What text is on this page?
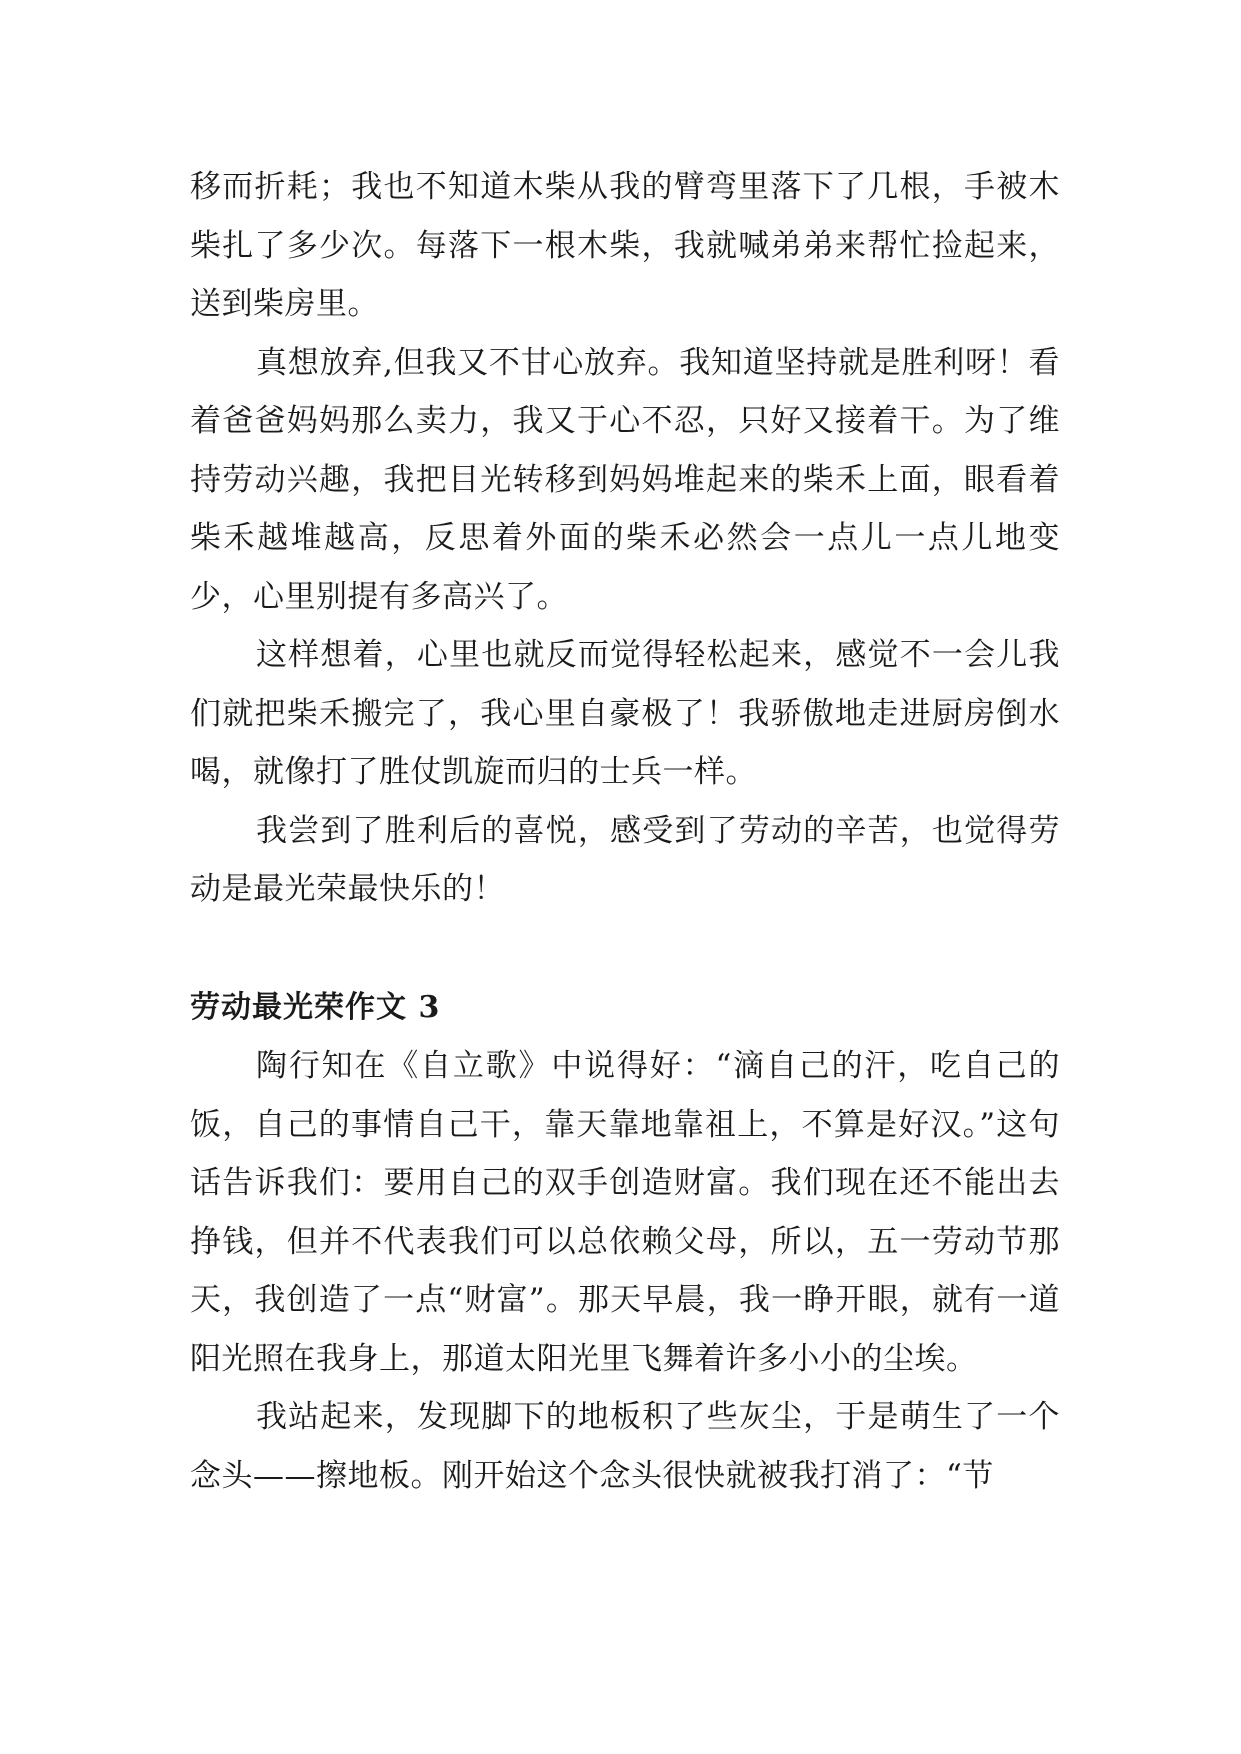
移而折耗；我也不知道木柴从我的臂弯里落下了几根，手被木柴扎了多少次。每落下一根木柴，我就喊弟弟来帮忙捡起来，送到柴房里。

真想放弃,但我又不甘心放弃。我知道坚持就是胜利呀！看着爸爸妈妈那么卖力，我又于心不忍，只好又接着干。为了维持劳动兴趣，我把目光转移到妈妈堆起来的柴禾上面，眼看着柴禾越堆越高，反思着外面的柴禾必然会一点儿一点儿地变少，心里别提有多高兴了。

这样想着，心里也就反而觉得轻松起来，感觉不一会儿我们就把柴禾搬完了，我心里自豪极了！我骄傲地走进厨房倒水喝，就像打了胜仗凯旋而归的士兵一样。

我尝到了胜利后的喜悦，感受到了劳动的辛苦，也觉得劳动是最光荣最快乐的！

劳动最光荣作文 3

陶行知在《自立歌》中说得好：“滴自己的汗，吃自己的饭，自己的事情自己干，靠天靠地靠祖上，不算是好汉。”这句话告诉我们：要用自己的双手创造财富。我们现在还不能出去挣钱，但并不代表我们可以总依赖父母，所以，五一劳动节那天，我创造了一点“财富”。那天早晨，我一睁开眼，就有一道阳光照在我身上，那道太阳光里飞舞着许多小小的尘埃。

我站起来，发现脚下的地板积了些灰尘，于是萌生了一个念头——擦地板。刚开始这个念头很快就被我打消了：“节
